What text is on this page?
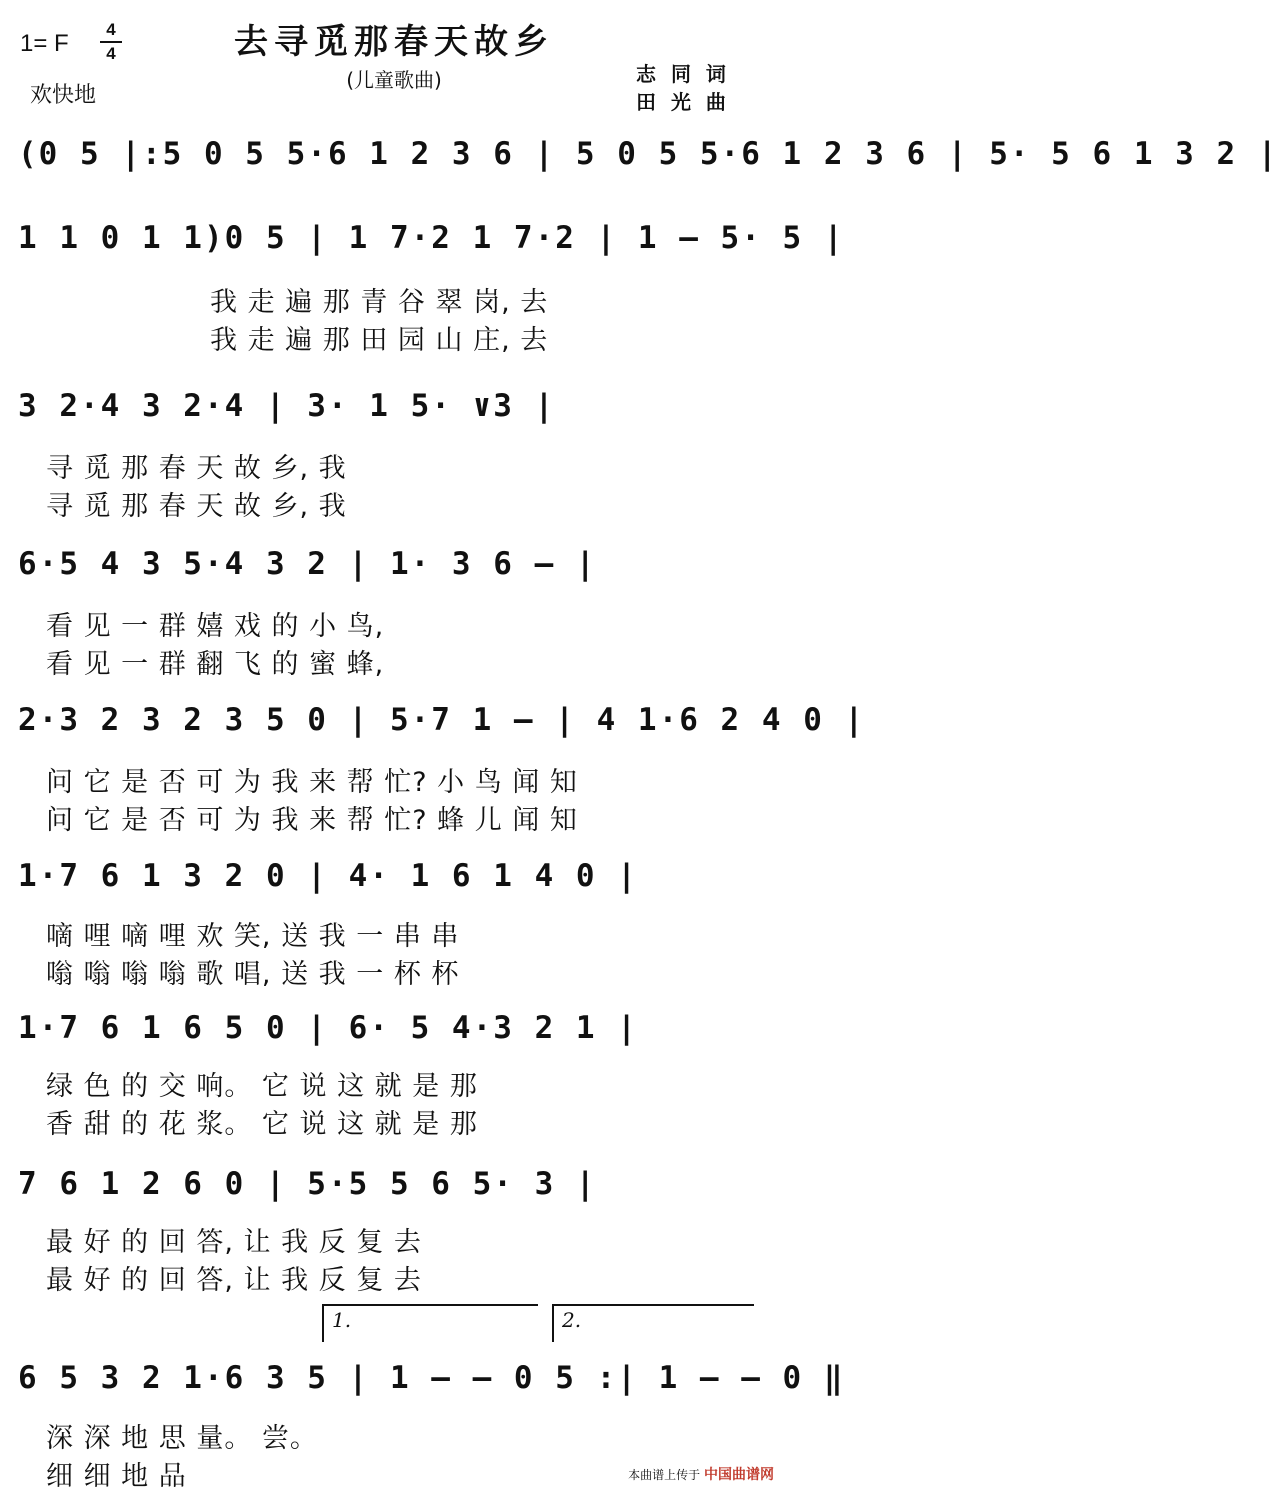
1= F
4
4
欢快地
去寻觅那春天故乡
(儿童歌曲)	志 同 词
田 光 曲
(0 5 |:5 0 5 5·6 1 2 3 6 | 5 0 5 5·6 1 2 3 6 | 5· 5 6 1 3 2 |
1 1 0 1 1)0 5 | 1 7·2 1 7·2 | 1 — 5· 5 |
我 走 遍 那 青 谷 翠 岗, 去
我 走 遍 那 田 园 山 庄, 去
3 2·4 3 2·4 | 3· 1 5· ∨3 |
寻 觅 那 春 天 故 乡, 我
寻 觅 那 春 天 故 乡, 我
6·5 4 3 5·4 3 2 | 1· 3 6 — |
看 见 一 群 嬉 戏 的 小 鸟,
看 见 一 群 翻 飞 的 蜜 蜂,
2·3 2 3 2 3 5 0 | 5·7 1 — | 4 1·6 2 4 0 |
问 它 是 否 可 为 我 来 帮 忙? 小 鸟 闻 知
问 它 是 否 可 为 我 来 帮 忙? 蜂 儿 闻 知
1·7 6 1 3 2 0 | 4· 1 6 1 4 0 |
嘀 哩 嘀 哩 欢 笑, 送 我 一 串 串
嗡 嗡 嗡 嗡 歌 唱, 送 我 一 杯 杯
1·7 6 1 6 5 0 | 6· 5 4·3 2 1 |
绿 色 的 交 响。 它 说 这 就 是 那
香 甜 的 花 浆。 它 说 这 就 是 那
7 6 1 2 6 0 | 5·5 5 6 5· 3 |
最 好 的 回 答, 让 我 反 复 去
最 好 的 回 答, 让 我 反 复 去
1.	2.
6 5 3 2 1·6 3 5 | 1 — — 0 5 :| 1 — — 0 ‖
深 深 地 思 量。 尝。
细 细 地 品	本曲谱上传于 中国曲谱网
